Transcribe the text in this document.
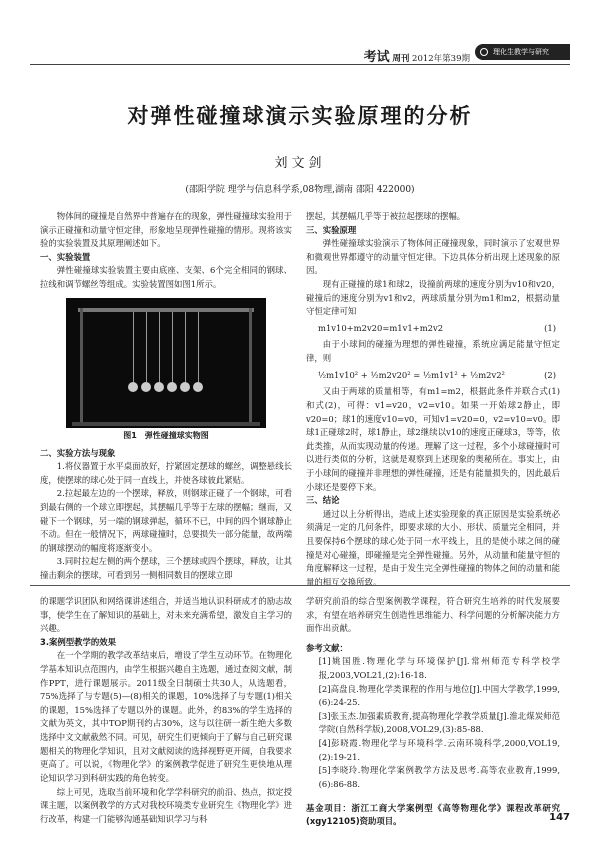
考试 周刊 2012年第39期
理化生教学与研究
对弹性碰撞球演示实验原理的分析
刘文剑
(邵阳学院 理学与信息科学系,08物理,湖南 邵阳 422000)

物体间的碰撞是自然界中普遍存在的现象，弹性碰撞球实验用于演示正碰撞和动量守恒定律，形象地呈现弹性碰撞的情形。现将该实验的实验装置及其原理阐述如下。

一、实验装置

弹性碰撞球实验装置主要由底座、支架、6个完全相同的钢球、拉线和调节螺丝等组成。实验装置图如图1所示。

图1　弹性碰撞球实物图

二、实验方法与现象

1.将仪器置于水平桌面放好，拧紧固定摆球的螺丝，调整悬线长度，使摆球的球心处于同一直线上，并使各球彼此紧贴。

2.拉起最左边的一个摆球，释放，则钢球正碰了一个钢球，可看到最右侧的一个球立即摆起，其摆幅几乎等于左球的摆幅；继而，又碰下一个钢球，另一端的钢球弹起，循环不已，中间的四个钢球静止不动。但在一般情况下，两球碰撞时，总要损失一部分能量，故两端的钢球摆动的幅度将逐渐变小。

3.同时拉起左侧的两个摆球，三个摆球或四个摆球，释放，让其撞击剩余的摆球，可看到另一侧相同数目的摆球立即

摆起，其摆幅几乎等于被拉起摆球的摆幅。

三、实验原理

弹性碰撞球实验演示了物体间正碰撞现象，同时演示了宏观世界和微观世界都遵守的动量守恒定律。下边具体分析出现上述现象的原因。

现有正碰撞的球1和球2，设撞前两球的速度分别为v10和v20，碰撞后的速度分别为v1和v2，两球质量分别为m1和m2，根据动量守恒定律可知

m1v10+m2v20=m1v1+m2v2	(1)

由于小球间的碰撞为理想的弹性碰撞，系统应满足能量守恒定律，则

½m1v10² + ½m2v20² = ½m1v1² + ½m2v2²	(2)

又由于两球的质量相等，有m1=m2，根据此条件并联合式(1)和式(2)，可得：v1=v20，v2=v10。如果一开始球2静止，即v20=0；球1的速度v10=v0，可知v1=v20=0，v2=v10=v0。即球1正碰球2时，球1静止，球2继续以v10的速度正碰球3，等等，依此类推，从而实现动量的传递。理解了这一过程，多个小球碰撞时可以进行类似的分析，这就是观察到上述现象的奥秘所在。事实上，由于小球间的碰撞并非理想的弹性碰撞，还是有能量损失的，因此最后小球还是要停下来。

三、结论

通过以上分析得出，造成上述实验现象的真正原因是实验系统必须满足一定的几何条件，即要求球的大小、形状、质量完全相同，并且要保持6个摆球的球心处于同一水平线上，且的是使小球之间的碰撞是对心碰撞，即碰撞是完全弹性碰撞。另外，从动量和能量守恒的角度解释这一过程，是由于发生完全弹性碰撞的物体之间的动量和能量的相互交换所致。

的课题学识团队和网络课讲述组合，并适当地认识科研成才的励志故事，使学生在了解知识的基础上，对未来充满希望，激发自主学习的兴趣。

3.案例型教学的效果

在一个学期的教学改革结束后，增设了学生互动环节。在物理化学基本知识点范围内，由学生根据兴趣自主选题，通过查阅文献，制作PPT，进行课题展示。2011级全日制硕士共30人，从选题看，75%选择了与专题(5)—(8)相关的课题，10%选择了与专题(1)相关的课题，15%选择了专题以外的课题。此外，约83%的学生选择的文献为英文，其中TOP期刊约占30%，这与以往研一新生绝大多数选择中文文献截然不同。可见，研究生们更倾向于了解与自己研究课题相关的物理化学知识，且对文献阅读的选择视野更开阔，自我要求更高了。可以说，《物理化学》的案例教学促进了研究生更快地从理论知识学习到科研实践的角色转变。

综上可见，选取当前环境和化学学科研究的前沿、热点，拟定授课主题，以案例教学的方式对我校环境类专业研究生《物理化学》进行改革，构建一门能够沟通基础知识学习与科

学研究前沿的综合型案例教学课程，符合研究生培养的时代发展要求，有望在培养研究生创造性思维能力、科学问题的分析解决能力方面作出贡献。

参考文献：

[1]姚国胜.物理化学与环境保护[J].常州师范专科学校学报,2003,VOL21,(2):16-18.

[2]高盘良.物理化学类课程的作用与地位[J].中国大学教学,1999,(6):24-25.

[3]张玉杰.加强素质教育,提高物理化学教学质量[J].淮北煤炭师范学院(自然科学版),2008,VOL29,(3):85-88.

[4]彭晓霞.物理化学与环境科学.云南环境科学,2000,VOL19,(2):19-21.

[5]李晓玲.物理化学案例教学方法及思考.高等农业教育,1999,(6):86-88.

基金项目：浙江工商大学案例型《高等物理化学》课程改革研究(xgy12105)资助项目。	147
